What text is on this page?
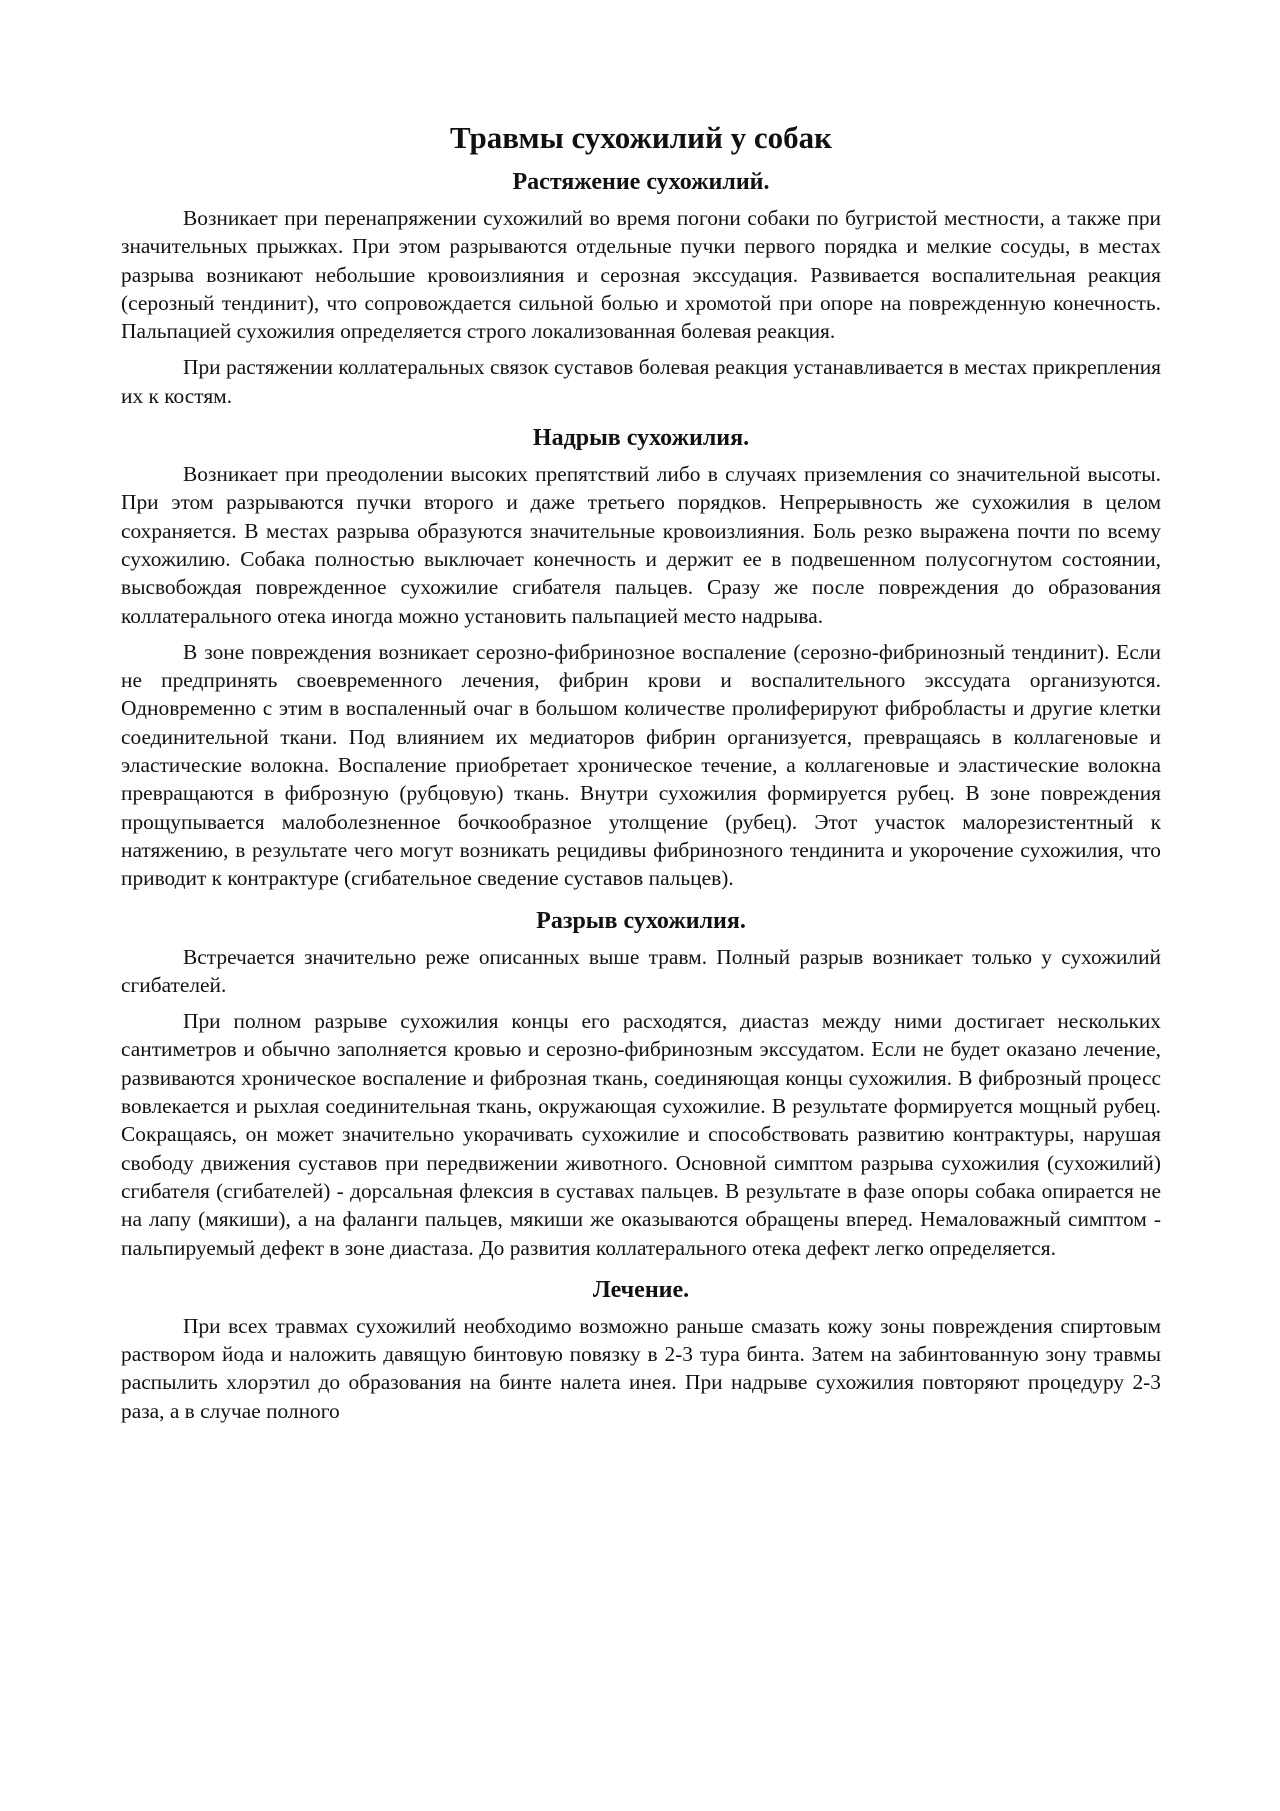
Травмы сухожилий у собак
Растяжение сухожилий.

Возникает при перенапряжении сухожилий во время погони собаки по бугристой местности, а также при значительных прыжках. При этом разрываются отдельные пучки первого порядка и мелкие сосуды, в местах разрыва возникают небольшие кровоизлияния и серозная экссудация. Развивается воспалительная реакция (серозный тендинит), что сопровождается сильной болью и хромотой при опоре на поврежденную конечность. Пальпацией сухожилия определяется строго локализованная болевая реакция.

При растяжении коллатеральных связок суставов болевая реакция устанавливается в местах прикрепления их к костям.

Надрыв сухожилия.

Возникает при преодолении высоких препятствий либо в случаях приземления со значительной высоты. При этом разрываются пучки второго и даже третьего порядков. Непрерывность же сухожилия в целом сохраняется. В местах разрыва образуются значительные кровоизлияния. Боль резко выражена почти по всему сухожилию. Собака полностью выключает конечность и держит ее в подвешенном полусогнутом состоянии, высвобождая поврежденное сухожилие сгибателя пальцев. Сразу же после повреждения до образования коллатерального отека иногда можно установить пальпацией место надрыва.

В зоне повреждения возникает серозно-фибринозное воспаление (серозно-фибринозный тендинит). Если не предпринять своевременного лечения, фибрин крови и воспалительного экссудата организуются. Одновременно с этим в воспаленный очаг в большом количестве пролиферируют фибробласты и другие клетки соединительной ткани. Под влиянием их медиаторов фибрин организуется, превращаясь в коллагеновые и эластические волокна. Воспаление приобретает хроническое течение, а коллагеновые и эластические волокна превращаются в фиброзную (рубцовую) ткань. Внутри сухожилия формируется рубец. В зоне повреждения прощупывается малоболезненное бочкообразное утолщение (рубец). Этот участок малорезистентный к натяжению, в результате чего могут возникать рецидивы фибринозного тендинита и укорочение сухожилия, что приводит к контрактуре (сгибательное сведение суставов пальцев).

Разрыв сухожилия.

Встречается значительно реже описанных выше травм. Полный разрыв возникает только у сухожилий сгибателей.

При полном разрыве сухожилия концы его расходятся, диастаз между ними достигает нескольких сантиметров и обычно заполняется кровью и серозно-фибринозным экссудатом. Если не будет оказано лечение, развиваются хроническое воспаление и фиброзная ткань, соединяющая концы сухожилия. В фиброзный процесс вовлекается и рыхлая соединительная ткань, окружающая сухожилие. В результате формируется мощный рубец. Сокращаясь, он может значительно укорачивать сухожилие и способствовать развитию контрактуры, нарушая свободу движения суставов при передвижении животного. Основной симптом разрыва сухожилия (сухожилий) сгибателя (сгибателей) - дорсальная флексия в суставах пальцев. В результате в фазе опоры собака опирается не на лапу (мякиши), а на фаланги пальцев, мякиши же оказываются обращены вперед. Немаловажный симптом - пальпируемый дефект в зоне диастаза. До развития коллатерального отека дефект легко определяется.

Лечение.

При всех травмах сухожилий необходимо возможно раньше смазать кожу зоны повреждения спиртовым раствором йода и наложить давящую бинтовую повязку в 2-3 тура бинта. Затем на забинтованную зону травмы распылить хлорэтил до образования на бинте налета инея. При надрыве сухожилия повторяют процедуру 2-3 раза, а в случае полного
